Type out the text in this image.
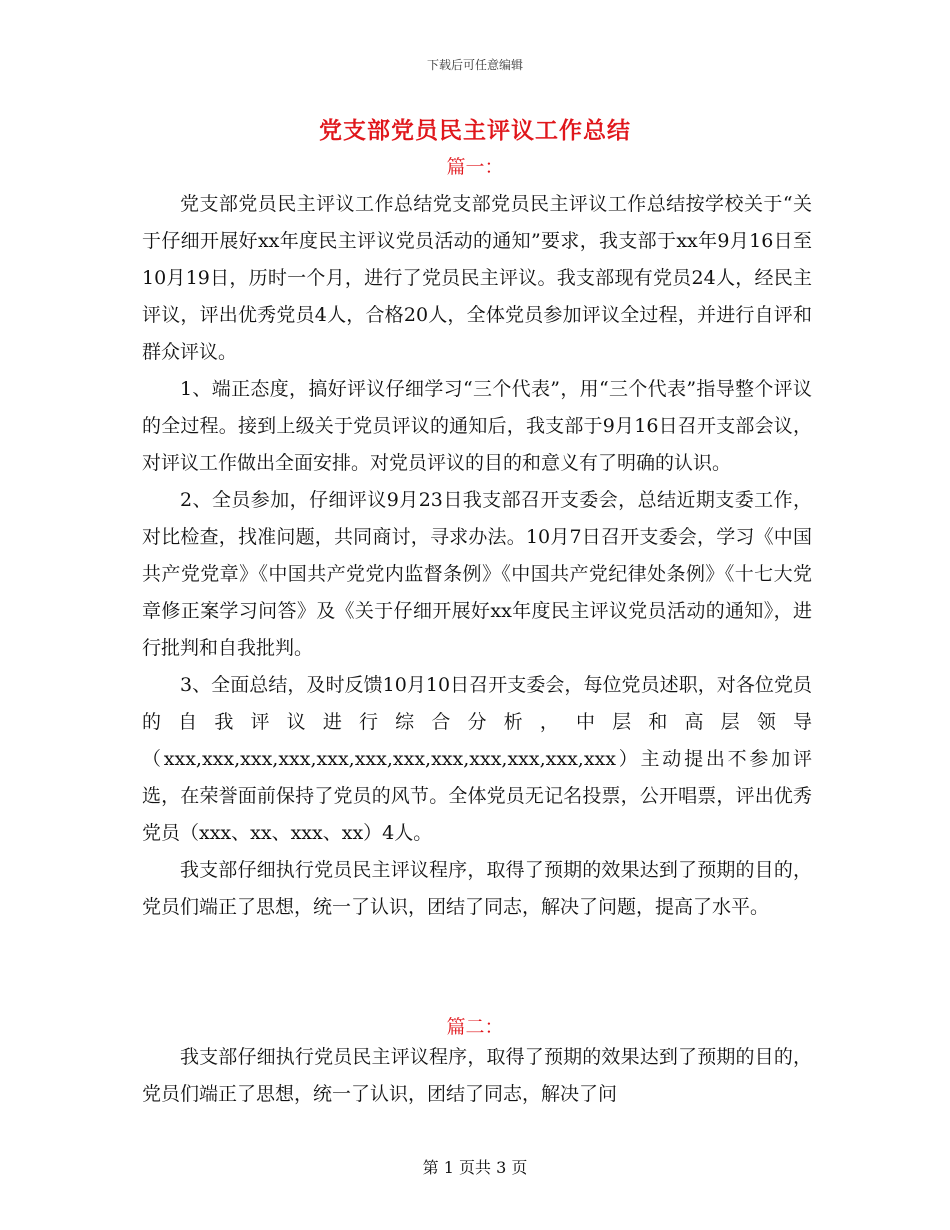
下载后可任意编辑
党支部党员民主评议工作总结
篇一：

党支部党员民主评议工作总结党支部党员民主评议工作总结按学校关于“关于仔细开展好xx年度民主评议党员活动的通知”要求，我支部于xx年9月16日至10月19日，历时一个月，进行了党员民主评议。我支部现有党员24人，经民主评议，评出优秀党员4人，合格20人，全体党员参加评议全过程，并进行自评和群众评议。

1、端正态度，搞好评议仔细学习“三个代表”，用“三个代表”指导整个评议的全过程。接到上级关于党员评议的通知后，我支部于9月16日召开支部会议，对评议工作做出全面安排。对党员评议的目的和意义有了明确的认识。

2、全员参加，仔细评议9月23日我支部召开支委会，总结近期支委工作，对比检查，找准问题，共同商讨，寻求办法。10月7日召开支委会，学习《中国共产党党章》《中国共产党党内监督条例》《中国共产党纪律处条例》《十七大党章修正案学习问答》及《关于仔细开展好xx年度民主评议党员活动的通知》，进行批判和自我批判。

3、全面总结，及时反馈10月10日召开支委会，每位党员述职，对各位党员的自我评议进行综合分析，中层和高层领导（xxx,xxx,xxx,xxx,xxx,xxx,xxx,xxx,xxx,xxx,xxx,xxx）主动提出不参加评选，在荣誉面前保持了党员的风节。全体党员无记名投票，公开唱票，评出优秀党员（xxx、xx、xxx、xx）4人。

我支部仔细执行党员民主评议程序，取得了预期的效果达到了预期的目的，党员们端正了思想，统一了认识，团结了同志，解决了问题，提高了水平。

篇二：

我支部仔细执行党员民主评议程序，取得了预期的效果达到了预期的目的，党员们端正了思想，统一了认识，团结了同志，解决了问

第 1 页共 3 页
